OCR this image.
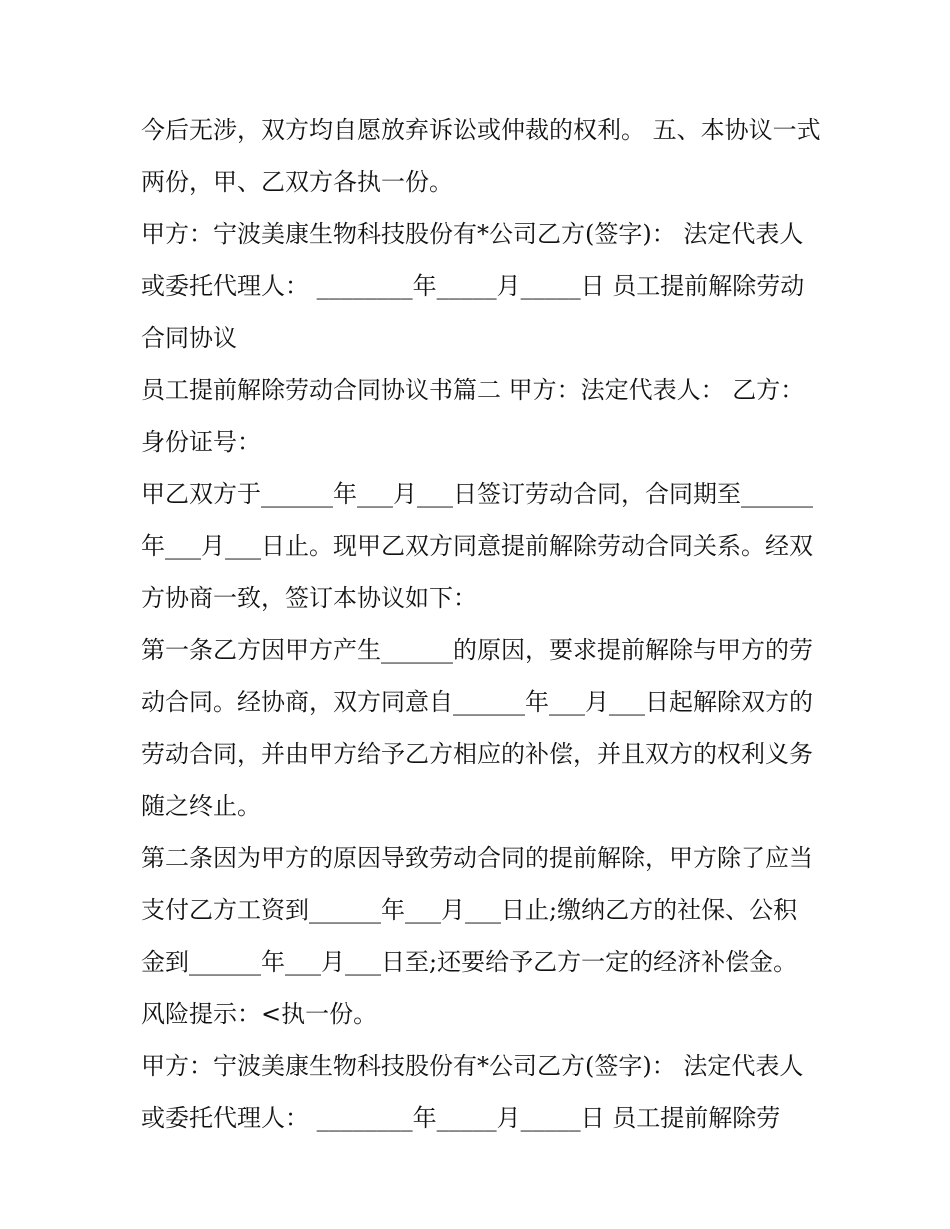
今后无涉，双方均自愿放弃诉讼或仲裁的权利。 五、本协议一式两份，甲、乙双方各执一份。

甲方：宁波美康生物科技股份有*公司乙方(签字)： 法定代表人或委托代理人： ________年_____月_____日 员工提前解除劳动合同协议

员工提前解除劳动合同协议书篇二 甲方：法定代表人： 乙方：身份证号：

甲乙双方于______年___月___日签订劳动合同，合同期至______年___月___日止。现甲乙双方同意提前解除劳动合同关系。经双方协商一致，签订本协议如下：

第一条乙方因甲方产生______的原因，要求提前解除与甲方的劳动合同。经协商，双方同意自______年___月___日起解除双方的劳动合同，并由甲方给予乙方相应的补偿，并且双方的权利义务随之终止。

第二条因为甲方的原因导致劳动合同的提前解除，甲方除了应当支付乙方工资到______年___月___日止;缴纳乙方的社保、公积金到______年___月___日至;还要给予乙方一定的经济补偿金。风险提示：<执一份。

甲方：宁波美康生物科技股份有*公司乙方(签字)： 法定代表人或委托代理人： ________年_____月_____日 员工提前解除劳
